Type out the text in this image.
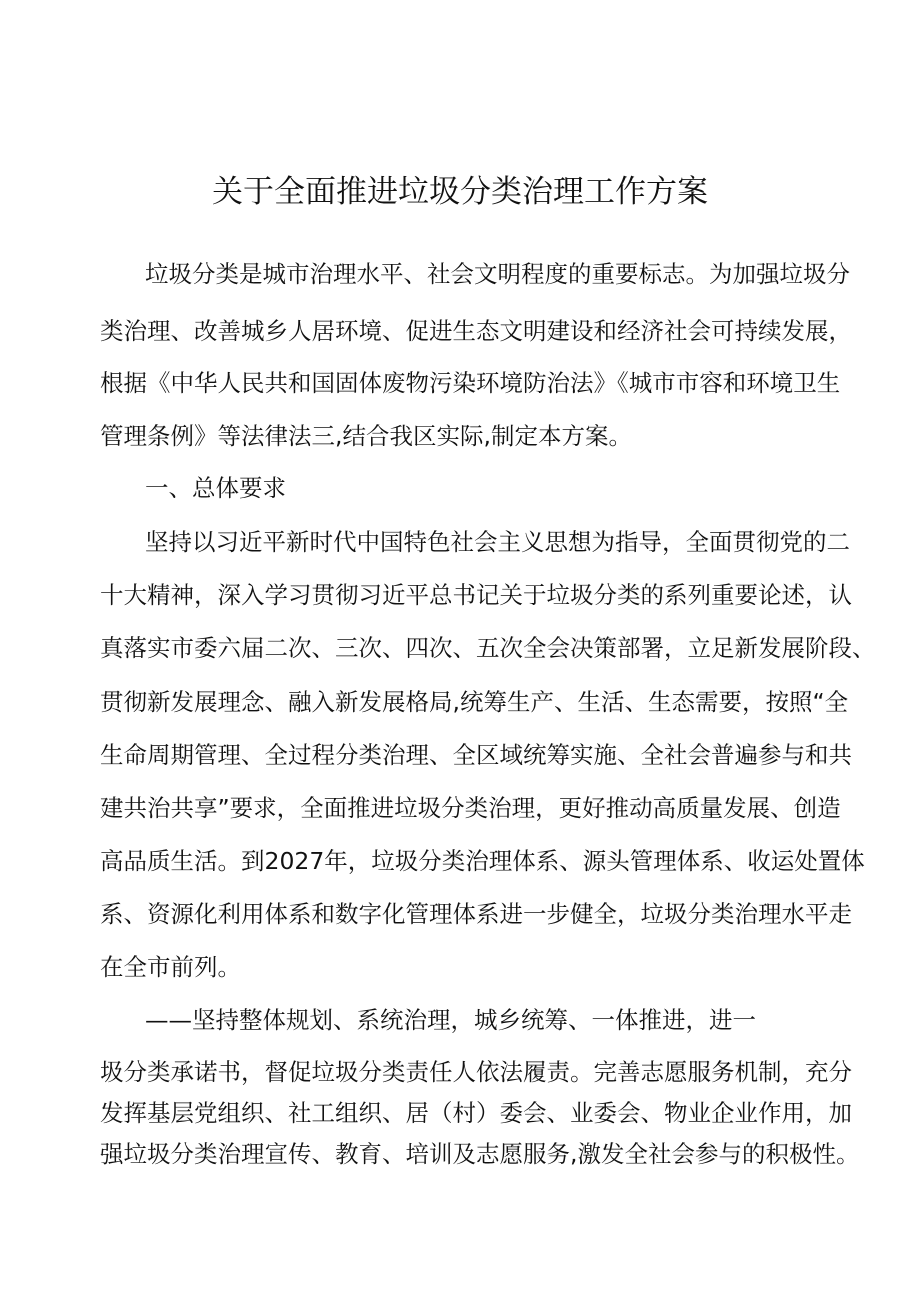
关于全面推进垃圾分类治理工作方案
垃圾分类是城市治理水平、社会文明程度的重要标志。为加强垃圾分
类治理、改善城乡人居环境、促进生态文明建设和经济社会可持续发展，
根据《中华人民共和国固体废物污染环境防治法》《城市市容和环境卫生
管理条例》等法律法三,结合我区实际,制定本方案。
一、总体要求
坚持以习近平新时代中国特色社会主义思想为指导，全面贯彻党的二
十大精神，深入学习贯彻习近平总书记关于垃圾分类的系列重要论述，认
真落实市委六届二次、三次、四次、五次全会决策部署，立足新发展阶段、
贯彻新发展理念、融入新发展格局,统筹生产、生活、生态需要，按照“全
生命周期管理、全过程分类治理、全区域统筹实施、全社会普遍参与和共
建共治共享”要求，全面推进垃圾分类治理，更好推动高质量发展、创造
高品质生活。到2027年，垃圾分类治理体系、源头管理体系、收运处置体
系、资源化利用体系和数字化管理体系进一步健全，垃圾分类治理水平走
在全市前列。
——坚持整体规划、系统治理，城乡统筹、一体推进，进一
圾分类承诺书，督促垃圾分类责任人依法履责。完善志愿服务机制，充分
发挥基层党组织、社工组织、居（村）委会、业委会、物业企业作用，加
强垃圾分类治理宣传、教育、培训及志愿服务,激发全社会参与的积极性。
